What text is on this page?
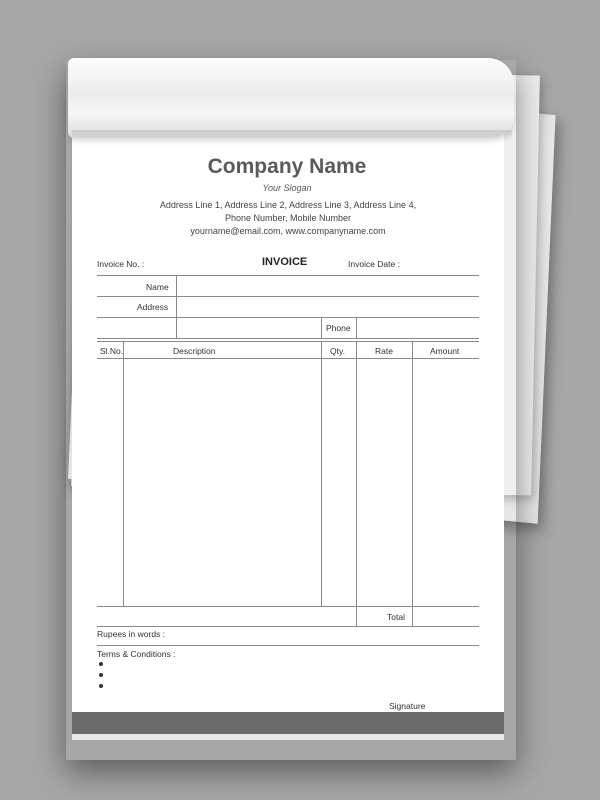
Company Name
Your Slogan
Address Line 1, Address Line 2, Address Line 3, Address Line 4,
Phone Number, Mobile Number
yourname@email.com, www.companyname.com
Invoice No. :	INVOICE	Invoice Date :
Name
Address
Phone
Sl.No.	Description	Qty.	Rate	Amount
Total
Rupees in words :
Terms & Conditions :
Signature
